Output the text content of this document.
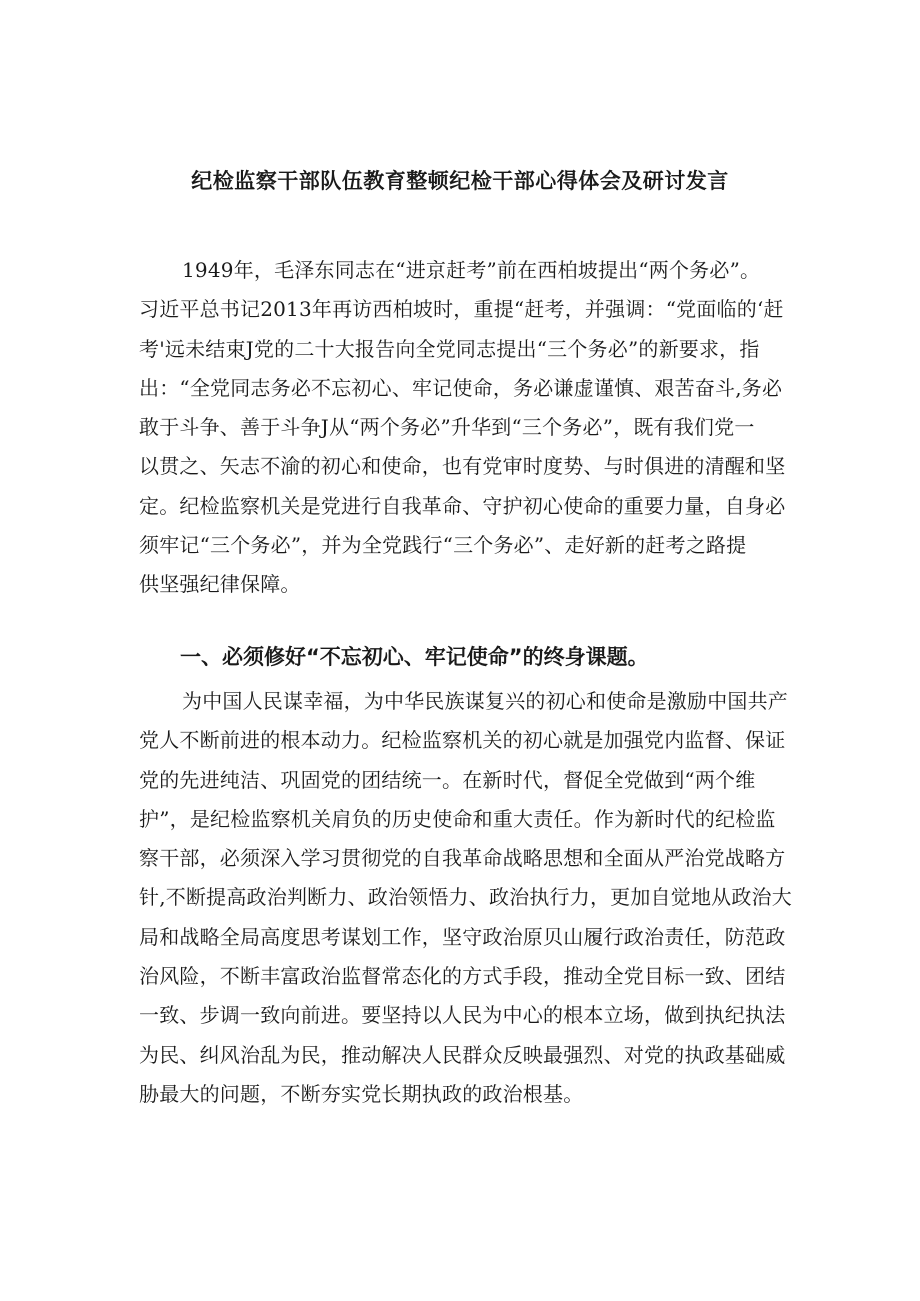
纪检监察干部队伍教育整顿纪检干部心得体会及研讨发言
1949年，毛泽东同志在“进京赶考”前在西柏坡提出“两个务必”。
习近平总书记2013年再访西柏坡时，重提“赶考，并强调：“党面临的‘赶
考'远未结束J党的二十大报告向全党同志提出“三个务必”的新要求，指
出：“全党同志务必不忘初心、牢记使命，务必谦虚谨慎、艰苦奋斗,务必
敢于斗争、善于斗争J从“两个务必”升华到“三个务必”，既有我们党一
以贯之、矢志不渝的初心和使命，也有党审时度势、与时俱进的清醒和坚
定。纪检监察机关是党进行自我革命、守护初心使命的重要力量，自身必
须牢记“三个务必”，并为全党践行“三个务必”、走好新的赶考之路提
供坚强纪律保障。
一、必须修好“不忘初心、牢记使命”的终身课题。
为中国人民谋幸福，为中华民族谋复兴的初心和使命是激励中国共产
党人不断前进的根本动力。纪检监察机关的初心就是加强党内监督、保证
党的先进纯洁、巩固党的团结统一。在新时代，督促全党做到“两个维
护”，是纪检监察机关肩负的历史使命和重大责任。作为新时代的纪检监
察干部，必须深入学习贯彻党的自我革命战略思想和全面从严治党战略方
针,不断提高政治判断力、政治领悟力、政治执行力，更加自觉地从政治大
局和战略全局高度思考谋划工作，坚守政治原贝山履行政治责任，防范政
治风险，不断丰富政治监督常态化的方式手段，推动全党目标一致、团结
一致、步调一致向前进。要坚持以人民为中心的根本立场，做到执纪执法
为民、纠风治乱为民，推动解决人民群众反映最强烈、对党的执政基础威
胁最大的问题，不断夯实党长期执政的政治根基。
